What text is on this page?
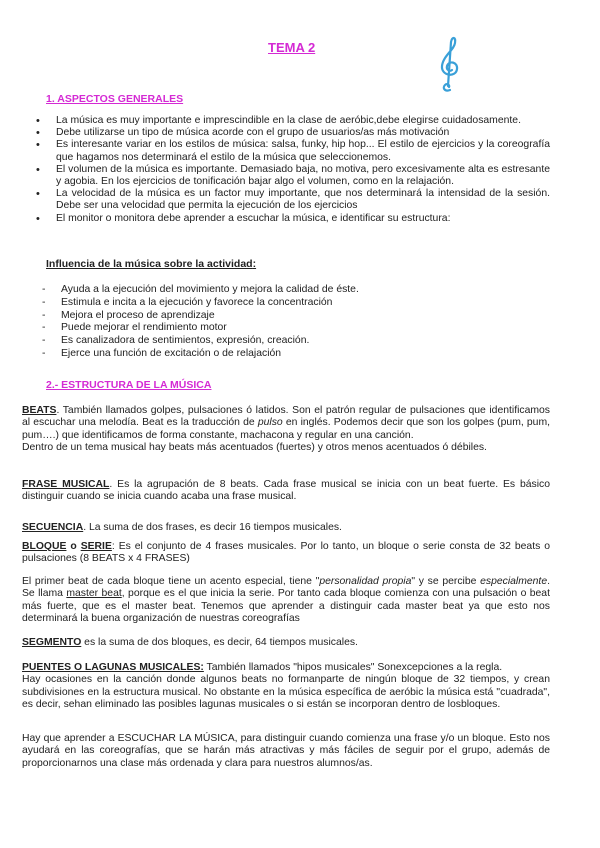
TEMA 2
1. ASPECTOS GENERALES
• La música es muy importante e imprescindible en la clase de aeróbic,debe elegirse cuidadosamente.
• Debe utilizarse un tipo de música acorde con el grupo de usuarios/as más motivación
• Es interesante variar en los estilos de música: salsa, funky, hip hop... El estilo de ejercicios y la coreografía que hagamos nos determinará el estilo de la música que seleccionemos.
• El volumen de la música es importante. Demasiado baja, no motiva, pero excesivamente alta es estresante y agobia. En los ejercicios de tonificación bajar algo el volumen, como en la relajación.
• La velocidad de la música es un factor muy importante, que nos determinará la intensidad de la sesión. Debe ser una velocidad que permita la ejecución de los ejercicios
• El monitor o monitora debe aprender a escuchar la música, e identificar su estructura:
Influencia de la música sobre la actividad:
- Ayuda a la ejecución del movimiento y mejora la calidad de éste.
- Estimula e incita a la ejecución y favorece la concentración
- Mejora el proceso de aprendizaje
- Puede mejorar el rendimiento motor
- Es canalizadora de sentimientos, expresión, creación.
- Ejerce una función de excitación o de relajación
2.- ESTRUCTURA DE LA MÚSICA
BEATS. También llamados golpes, pulsaciones ó latidos. Son el patrón regular de pulsaciones que identificamos al escuchar una melodía. Beat es la traducción de pulso en inglés. Podemos decir que son los golpes (pum, pum, pum….) que identificamos de forma constante, machacona y regular en una canción.
Dentro de un tema musical hay beats más acentuados (fuertes) y otros menos acentuados ó débiles.
FRASE MUSICAL. Es la agrupación de 8 beats. Cada frase musical se inicia con un beat fuerte. Es básico distinguir cuando se inicia cuando acaba una frase musical.
SECUENCIA. La suma de dos frases, es decir 16 tiempos musicales.
BLOQUE o SERIE: Es el conjunto de 4 frases musicales. Por lo tanto, un bloque o serie consta de 32 beats o pulsaciones (8 BEATS x 4 FRASES)
El primer beat de cada bloque tiene un acento especial, tiene "personalidad propia" y se percibe especialmente. Se llama master beat, porque es el que inicia la serie. Por tanto cada bloque comienza con una pulsación o beat más fuerte, que es el master beat. Tenemos que aprender a distinguir cada master beat ya que esto nos determinará la buena organización de nuestras coreografías
SEGMENTO es la suma de dos bloques, es decir, 64 tiempos musicales.
PUENTES O LAGUNAS MUSICALES: También llamados "hipos musicales" Sonexcepciones a la regla.
Hay ocasiones en la canción donde algunos beats no formanparte de ningún bloque de 32 tiempos, y crean subdivisiones en la estructura musical. No obstante en la música específica de aeróbic la música está "cuadrada", es decir, sehan eliminado las posibles lagunas musicales o si están se incorporan dentro de losbloques.
Hay que aprender a ESCUCHAR LA MÚSICA, para distinguir cuando comienza una frase y/o un bloque. Esto nos ayudará en las coreografías, que se harán más atractivas y más fáciles de seguir por el grupo, además de proporcionarnos una clase más ordenada y clara para nuestros alumnos/as.
